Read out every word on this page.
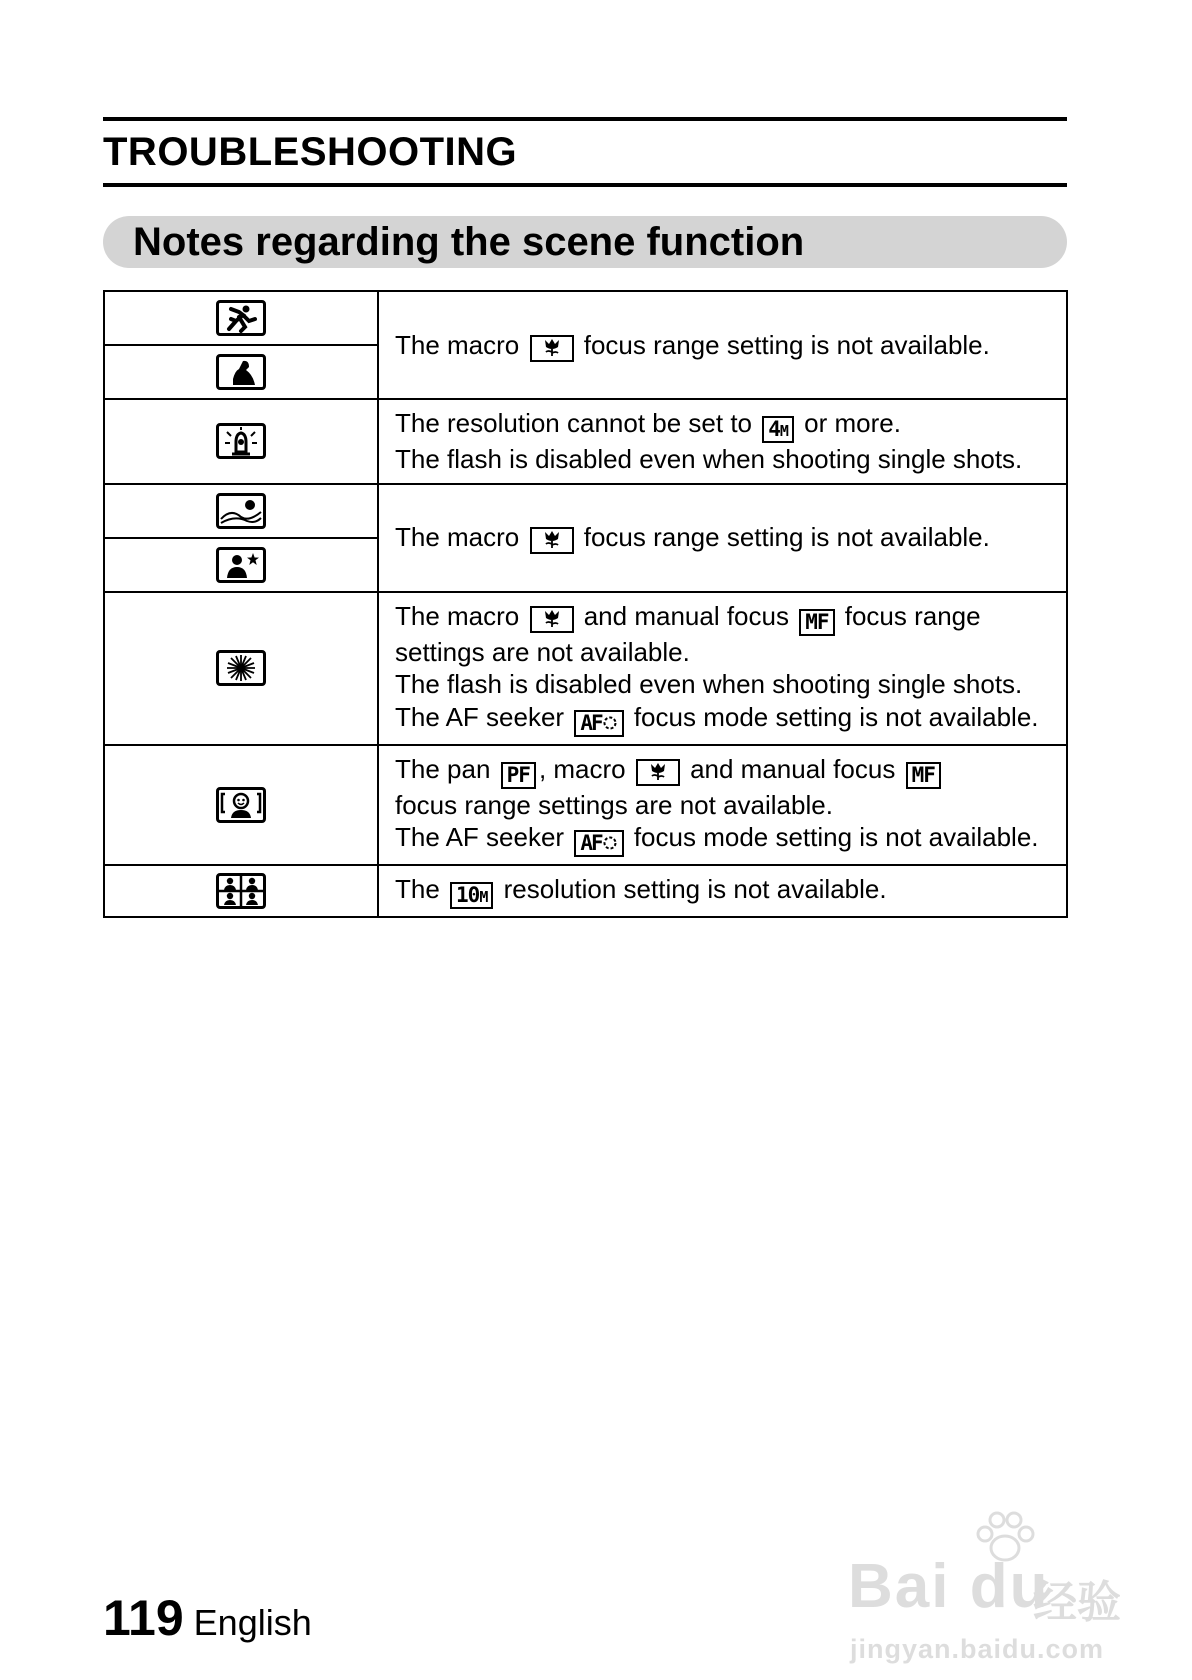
TROUBLESHOOTING
Notes regarding the scene function
	The macro  focus range setting is not available.

	The resolution cannot be set to 4M or more.
The flash is disabled even when shooting single shots.

	The macro  focus range setting is not available.

	The macro  and manual focus MF focus range settings are not available.
The flash is disabled even when shooting single shots.
The AF seeker AF focus mode setting is not available.

	The pan PF , macro  and manual focus MF
focus range settings are not available.
The AF seeker AF focus mode setting is not available.

	The 10M resolution setting is not available.
119 English
Bai du
经验
jingyan.baidu.com
